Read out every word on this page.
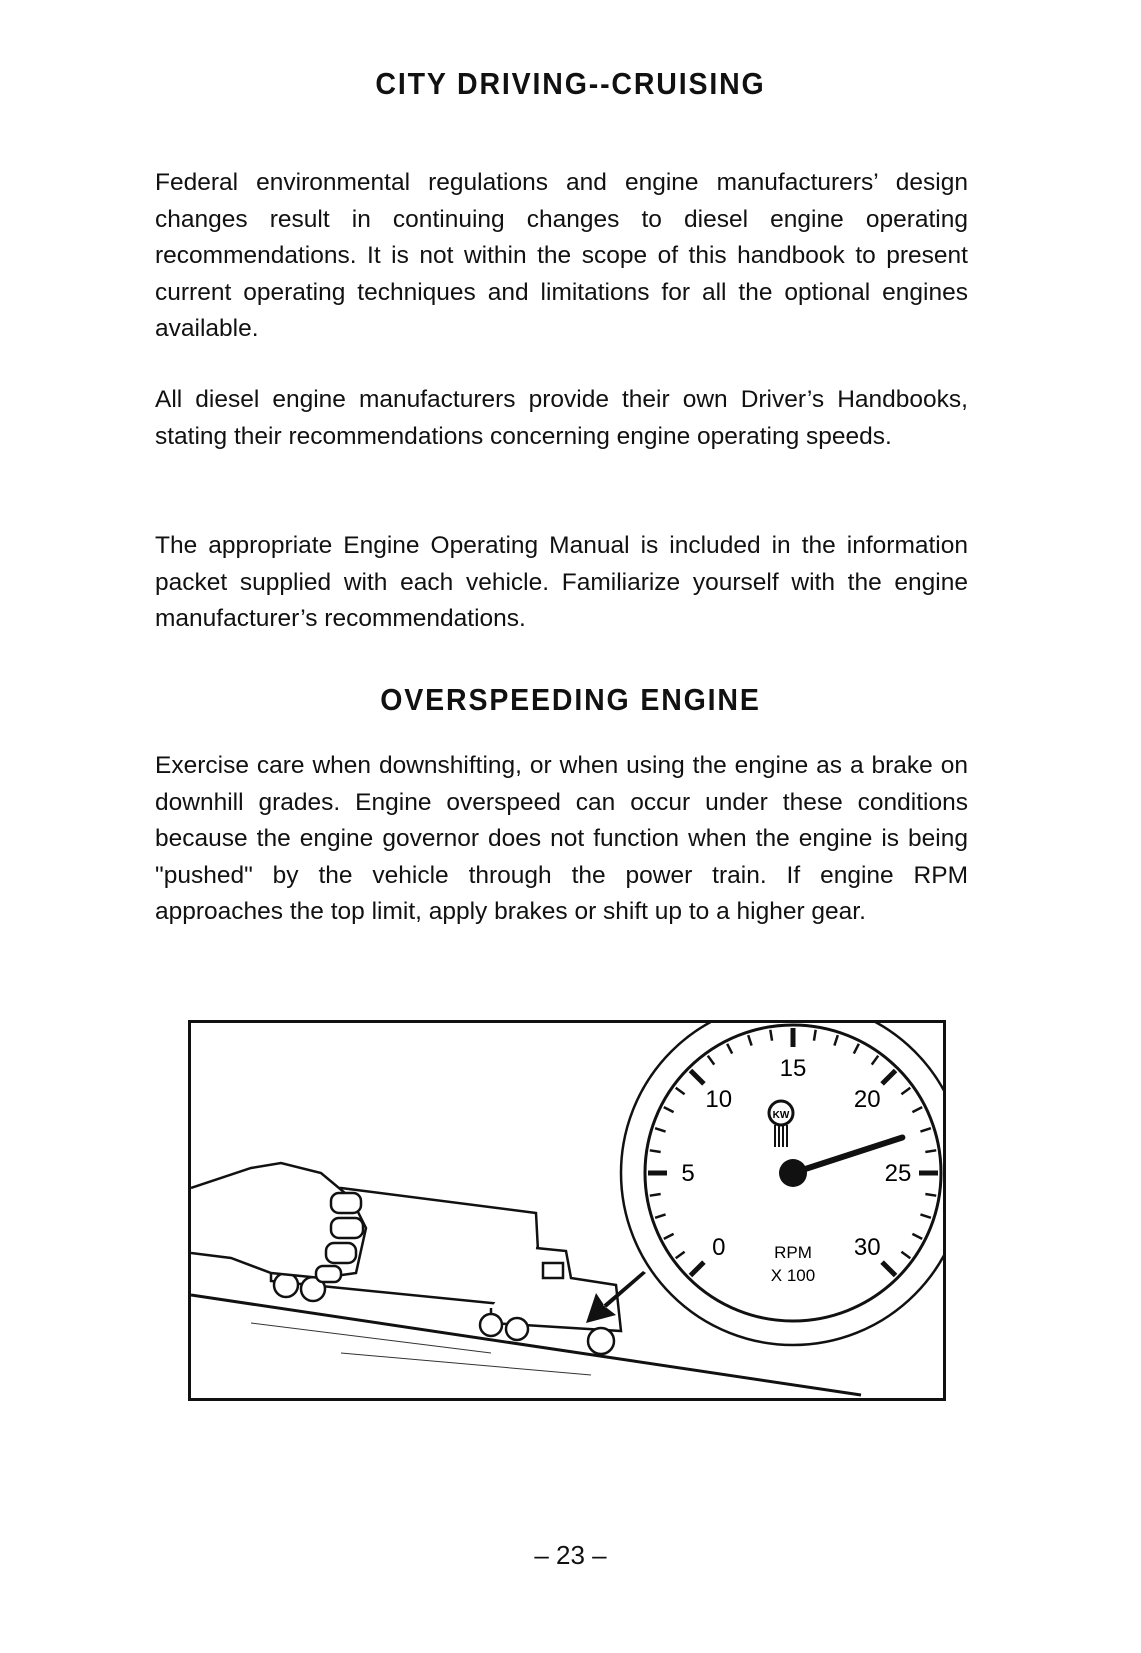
CITY DRIVING--CRUISING

Federal environmental regulations and engine manufacturers’ design changes result in continuing changes to diesel engine operating recommendations. It is not within the scope of this handbook to present current operating techniques and limitations for all the optional engines available.

All diesel engine manufacturers provide their own Driver’s Handbooks, stating their recommendations concerning engine operating speeds.

The appropriate Engine Operating Manual is included in the information packet supplied with each vehicle. Familiarize yourself with the engine manufacturer’s recommendations.

OVERSPEEDING ENGINE

Exercise care when downshifting, or when using the engine as a brake on downhill grades. Engine overspeed can occur under these conditions because the engine governor does not function when the engine is being "pushed" by the vehicle through the power train. If engine RPM approaches the top limit, apply brakes or shift up to a higher gear.

0
5
10
15
20
25
30
RPM
X 100
KW
– 23 –
